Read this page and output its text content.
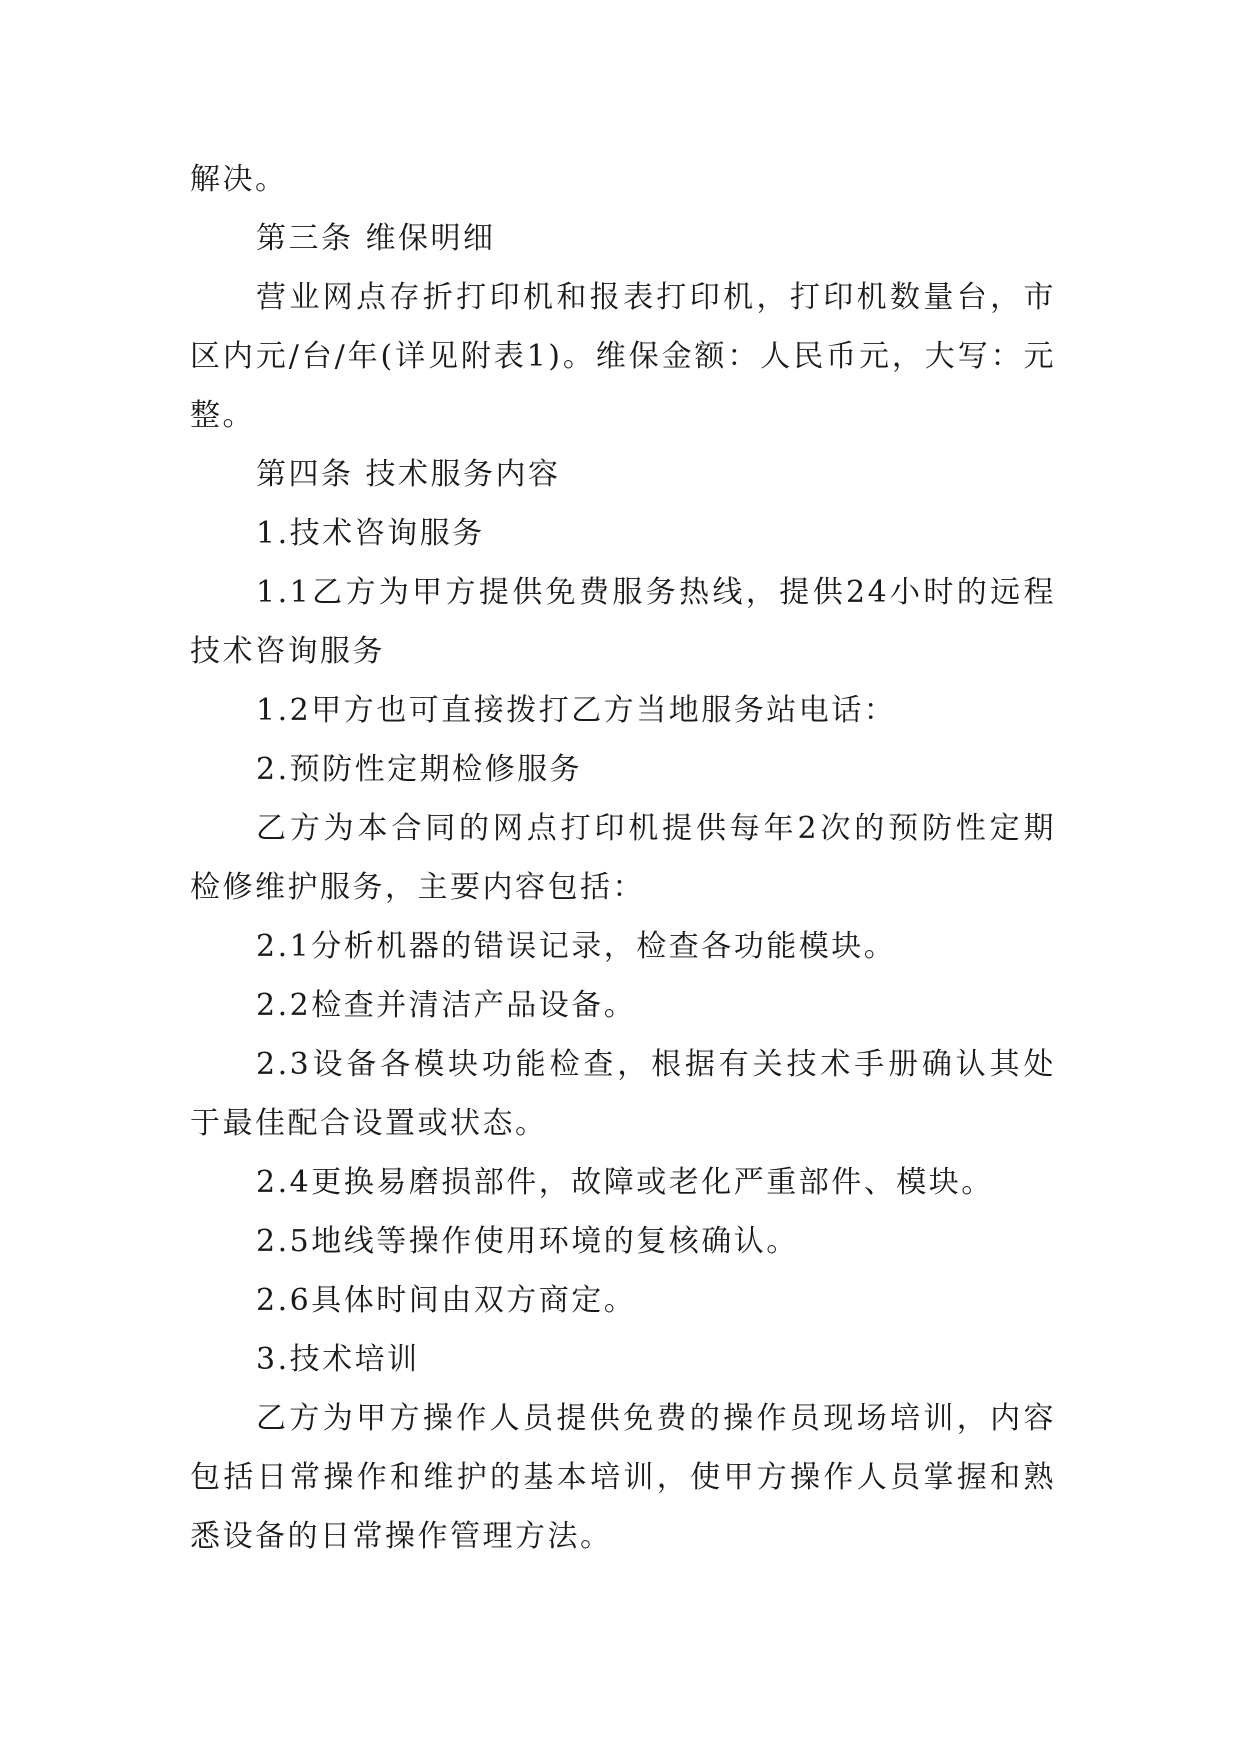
解决。

第三条 维保明细

营业网点存折打印机和报表打印机，打印机数量台，市区内元/台/年(详见附表1)。维保金额：人民币元，大写：元整。

第四条 技术服务内容

1.技术咨询服务

1.1乙方为甲方提供免费服务热线，提供24小时的远程技术咨询服务

1.2甲方也可直接拨打乙方当地服务站电话：

2.预防性定期检修服务

乙方为本合同的网点打印机提供每年2次的预防性定期检修维护服务，主要内容包括：

2.1分析机器的错误记录，检查各功能模块。

2.2检查并清洁产品设备。

2.3设备各模块功能检查，根据有关技术手册确认其处于最佳配合设置或状态。

2.4更换易磨损部件，故障或老化严重部件、模块。

2.5地线等操作使用环境的复核确认。

2.6具体时间由双方商定。

3.技术培训

乙方为甲方操作人员提供免费的操作员现场培训，内容包括日常操作和维护的基本培训，使甲方操作人员掌握和熟悉设备的日常操作管理方法。
